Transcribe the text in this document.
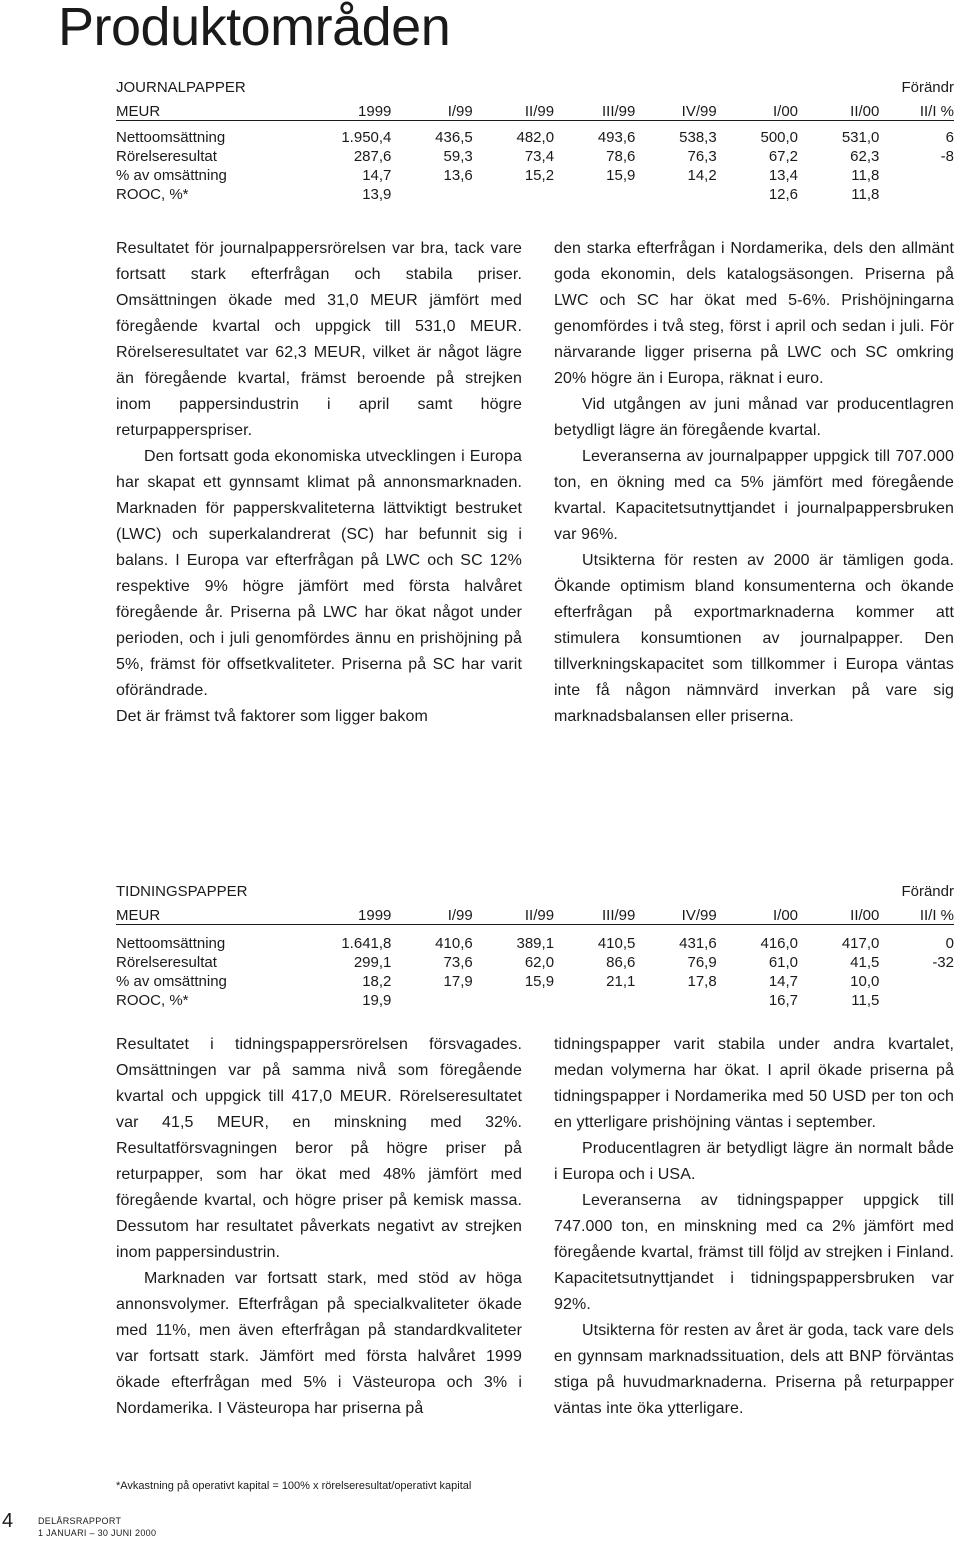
Produktområden
JOURNALPAPPER					Förändr			
MEUR	1999	I/99	II/99	III/99	IV/99	I/00	II/00	II/I %
Nettoomsättning	1.950,4	436,5	482,0	493,6	538,3	500,0	531,0	6
Rörelseresultat	287,6	59,3	73,4	78,6	76,3	67,2	62,3	-8
% av omsättning	14,7	13,6	15,2	15,9	14,2	13,4	11,8	
ROOC, %*	13,9					12,6	11,8	

Resultatet för journalpappersrörelsen var bra, tack vare fortsatt stark efterfrågan och stabila priser. Omsättningen ökade med 31,0 MEUR jämfört med föregående kvartal och uppgick till 531,0 MEUR. Rörelseresultatet var 62,3 MEUR, vilket är något lägre än föregående kvartal, främst beroende på strejken inom pappersindustrin i april samt högre returpapperspriser.

Den fortsatt goda ekonomiska utvecklingen i Europa har skapat ett gynnsamt klimat på annonsmarknaden. Marknaden för papperskvaliteterna lättviktigt bestruket (LWC) och superkalandrerat (SC) har befunnit sig i balans. I Europa var efterfrågan på LWC och SC 12% respektive 9% högre jämfört med första halvåret föregående år. Priserna på LWC har ökat något under perioden, och i juli genomfördes ännu en prishöjning på 5%, främst för offsetkvaliteter. Priserna på SC har varit oförändrade.

Det är främst två faktorer som ligger bakom

den starka efterfrågan i Nordamerika, dels den allmänt goda ekonomin, dels katalogsäsongen. Priserna på LWC och SC har ökat med 5-6%. Prishöjningarna genomfördes i två steg, först i april och sedan i juli. För närvarande ligger priserna på LWC och SC omkring 20% högre än i Europa, räknat i euro.

Vid utgången av juni månad var producentlagren betydligt lägre än föregående kvartal.

Leveranserna av journalpapper uppgick till 707.000 ton, en ökning med ca 5% jämfört med föregående kvartal. Kapacitetsutnyttjandet i journalpappersbruken var 96%.

Utsikterna för resten av 2000 är tämligen goda. Ökande optimism bland konsumenterna och ökande efterfrågan på exportmarknaderna kommer att stimulera konsumtionen av journalpapper. Den tillverkningskapacitet som tillkommer i Europa väntas inte få någon nämnvärd inverkan på vare sig marknadsbalansen eller priserna.

TIDNINGSPAPPER					Förändr			
MEUR	1999	I/99	II/99	III/99	IV/99	I/00	II/00	II/I %
Nettoomsättning	1.641,8	410,6	389,1	410,5	431,6	416,0	417,0	0
Rörelseresultat	299,1	73,6	62,0	86,6	76,9	61,0	41,5	-32
% av omsättning	18,2	17,9	15,9	21,1	17,8	14,7	10,0	
ROOC, %*	19,9					16,7	11,5	

Resultatet i tidningspappersrörelsen försvagades. Omsättningen var på samma nivå som föregående kvartal och uppgick till 417,0 MEUR. Rörelseresultatet var 41,5 MEUR, en minskning med 32%. Resultatförsvagningen beror på högre priser på returpapper, som har ökat med 48% jämfört med föregående kvartal, och högre priser på kemisk massa. Dessutom har resultatet påverkats negativt av strejken inom pappersindustrin.

Marknaden var fortsatt stark, med stöd av höga annonsvolymer. Efterfrågan på specialkvaliteter ökade med 11%, men även efterfrågan på standardkvaliteter var fortsatt stark. Jämfört med första halvåret 1999 ökade efterfrågan med 5% i Västeuropa och 3% i Nordamerika. I Västeuropa har priserna på

tidningspapper varit stabila under andra kvartalet, medan volymerna har ökat. I april ökade priserna på tidningspapper i Nordamerika med 50 USD per ton och en ytterligare prishöjning väntas i september.

Producentlagren är betydligt lägre än normalt både i Europa och i USA.

Leveranserna av tidningspapper uppgick till 747.000 ton, en minskning med ca 2% jämfört med föregående kvartal, främst till följd av strejken i Finland. Kapacitetsutnyttjandet i tidningspappersbruken var 92%.

Utsikterna för resten av året är goda, tack vare dels en gynnsam marknadssituation, dels att BNP förväntas stiga på huvudmarknaderna. Priserna på returpapper väntas inte öka ytterligare.

*Avkastning på operativt kapital = 100% x rörelseresultat/operativt kapital
4	DELÅRSRAPPORT
1 JANUARI – 30 JUNI 2000
